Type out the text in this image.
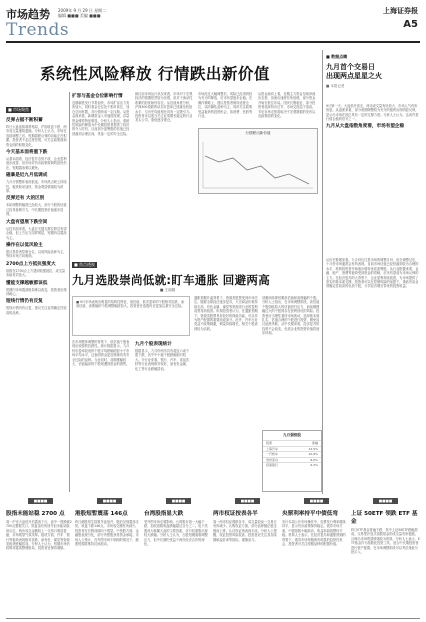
市场趋势
Trends
2009年 9 月 29 日 星期二
编辑 ■■■ 美编 ■■■
上海证券报
A5
系统性风险释放 行情跌出新价值
■ 市场聚焦
反弹占据不断积蓄
昨日大盘延续弱势格局，沪指收盘下跌，两市成交量继续萎缩。分析人士认为，市场在连续调整之后，短期超跌反弹的动能正在积蓄，投资者不必过度悲观，可关注政策面和资金面的积极变化。
今天基本面将重下跌
从基本面看，经济复苏态势不改，企业盈利逐步改善，但市场对货币政策微调的担忧仍在，短期震荡难以避免。
磁暴是近九月低调成
九月行情整体表现低迷，市场热点缺乏持续性，板块轮动加快，资金观望情绪较为浓厚。
反弹还有 大的区别
本轮调整的幅度已经较大，部分个股的估值已经具备吸引力，中长期投资价值逐步显现。
大盘有望展下跌空间
从技术面来看，大盘在关键支撑位附近有望企稳，但上方压力同样明显，短期仍以震荡为主。
操作在以低风险主
建议投资者控制仓位，以低风险品种为主，等待市场方向明朗。
2700点上方抵抗强度大
指数在2700点上方遇到较强抵抗，成交量未能有效放大。
懂能支撑越敏都该低
短期内市场震荡格局难以改变，投资者应保持耐心。
短线行情仍有反复
短线行情仍有反复，建议关注业绩确定性较高的品种。
扩容与基金仓位影响行情
近期新股发行节奏加快，市场扩容压力有所加大，同时基金仓位处于相对高位，加仓空间有限，对行情形成一定压制。从资金面来看，新增资金入市速度放缓，存量资金博弈特征明显。分析人士指出，系统性风险的释放为中长期投资者提供了较好的介入时机，目前部分蓝筹股的估值已经回落到合理区间，具备一定的安全边际。
就目前市场运行状况来看，市场对于宏观经济的预期依然较为乐观，但对于流动性收紧的担忧始终存在。从估值角度分析，沪深300指数的动态市盈率已回落至较低水平，与历史均值相比具有一定吸引力。投资者可以适当关注业绩增长稳定的行业龙头公司，逢低逐步建仓。
市场经过大幅调整后，风险已经得到较为充分的释放，后市有望逐步企稳。在操作策略上，建议投资者保持适度仓位，以防御性品种为主，同时关注政策受益板块的投资机会，如消费、医药等行业。
从资金流向上看，近期主力资金呈现净流出态势，但流出速度有所放缓，部分资金开始在低位布局。国庆长假临近，部分投资者选择持币过节，市场交投趋于清淡。节后市场走势将取决于宏观数据的发布以及政策面的变化。
行情跌出新价值
■ 数据点睛
九月首个交易日
出现两点星星之火
■ 本报记者
9月第一天，大盘低开高走，两市成交量有所放大，市场人气有所恢复。从盘面来看，部分前期调整较为充分的板块出现明显反弹，显示出市场在低位具有一定的支撑力度。分析人士认为，这或许是行情企稳的信号之一。
九月从大盘指数角度看，市场有望企稳
从历史数据来看，九月份往往是市场的调整月份，但在调整过后，十月份市场通常会有所表现。目前市场估值已经回落到较为合理的水平，机构投资者开始逐步增持优质蓝筹股。从行业配置来看，金融、地产、消费等板块受到资金的青睐，后市有望成为市场反弹的主力。在经济复苏的大背景下，企业盈利持续改善，为市场提供了坚实的基本面支撑。投资者可以在控制风险的前提下，逢低布局业绩确定性较高的优质个股，分享经济增长带来的投资收益。
■ 焦点透视
九月选股崇尚低就:盯车通胀 回避两高
■ 王丽娟
■ 9月市场表现出明显的结构性特征，低估值、低市盈率的个股相对抗跌，而高估值、高涨幅的个股调整幅度较大。投资者在选股时应更加注重安全边际。
在市场整体调整的背景下，低估值个股表现出较强的抗跌性。统计数据显示，九月份市盈率较低的个股平均跌幅明显小于市场平均水平，这表明资金更加青睐具有安全边际的品种。与此同时，前期涨幅较大、估值偏高的个股则遭到资金的抛售。
通胀预期升温背景下，资源类股票受到市场关注。随着全球经济逐步复苏，大宗商品价格持续走高，有色金属、煤炭等资源类行业的盈利前景得到改善。机构投资者认为，在通胀预期下，资源类股票具有较好的保值功能，可以作为资产配置的重要组成部分。此外，汽车行业受益于政策刺激，销量持续增长，相关个股表现较为活跃。
回避两高即回避高估值和高涨幅的个股。分析人士指出，在市场调整阶段，高估值个股面临较大的估值回归压力，而前期涨幅过大的个股则存在获利回吐的风险。投资者应当理性看待市场波动，选择基本面扎实、估值合理的个股进行投资，避免盲目追涨杀跌。从中长期来看，经济复苏的趋势不会改变，优质企业的投资价值将逐步体现。
九月个股表现统计
数据显示，九月份两市共有超过六成个股下跌，其中中小板个股跌幅相对较大。分行业来看，银行、汽车、食品饮料等行业表现相对较好，而有色金属、化工等行业跌幅居前。
九月强势股
股票	涨幅
上海汽车	12.5%
一汽轿车	10.8%
贵州茅台	8.6%
招商银行	6.2%
■■■■	■■■■	■■■■	■■■■	■■■■	■■■■
股指未能站稳 2700 点
周一沪市大盘低开后震荡下行，盘中一度跌破2700点整数关口，尾盘虽有所回升但未能站稳该点位。两市成交金额较上一交易日明显萎缩，市场观望气氛浓厚。板块方面，汽车、银行等板块表现相对抗跌，而有色、煤炭等资源类板块跌幅居前。分析人士认为，短期市场仍将维持震荡整理格局，投资者宜保持谨慎。
港股短暂震荡 146点
昨日港股恒生指数早盘低开，随后呈现震荡走势，收盘下跌146点。市场成交额有所减少，投资者在长假前倾向于观望。中资股方面，金融股表现分化，部分内银股获得资金承接。市场人士预计，在外围市场不明朗的情况下，港股短期将维持区间波动。
台湾股指显大跌
受外围市场走弱影响，台湾股市周一大幅下跌，加权指数收盘跌幅超过百分之二。电子类股成为拖累大盘的主要因素，多只权重股出现较大跌幅。分析人士认为，台股短期面临调整压力，但中长期仍受益于两岸经济合作的深化。
两市权证按表各半
周一两市权证涨跌各半，成交量较前一交易日有所减少。认购权证方面，部分品种随正股走强而上涨，认沽权证则表现平淡。分析人士提醒，权证投资风险较高，投资者应关注其存续期和溢价率等指标，谨慎参与。
央票利率持平中债低弯
央行本周公开市场操作中，央票发行利率继续持平，显示货币政策保持稳定。债券市场方面，中债指数小幅波动，收益率曲线整体平稳。机构人士表示，在经济复苏和通胀预期的背景下，债券市场短期难有明显的趋势性机会，投资者可关注短期品种的配置价值。
上证 50ETF 领跌 ETF 基金
昨日ETF基金普遍下跌，其中上证50ETF跌幅居前。交易型开放式指数基金的成交量有所萎缩，反映出市场观望情绪较为浓厚。分析人士表示，ETF基金作为指数化投资工具，适合中长期投资者进行资产配置，在市场调整阶段可以考虑逢低分批买入。
